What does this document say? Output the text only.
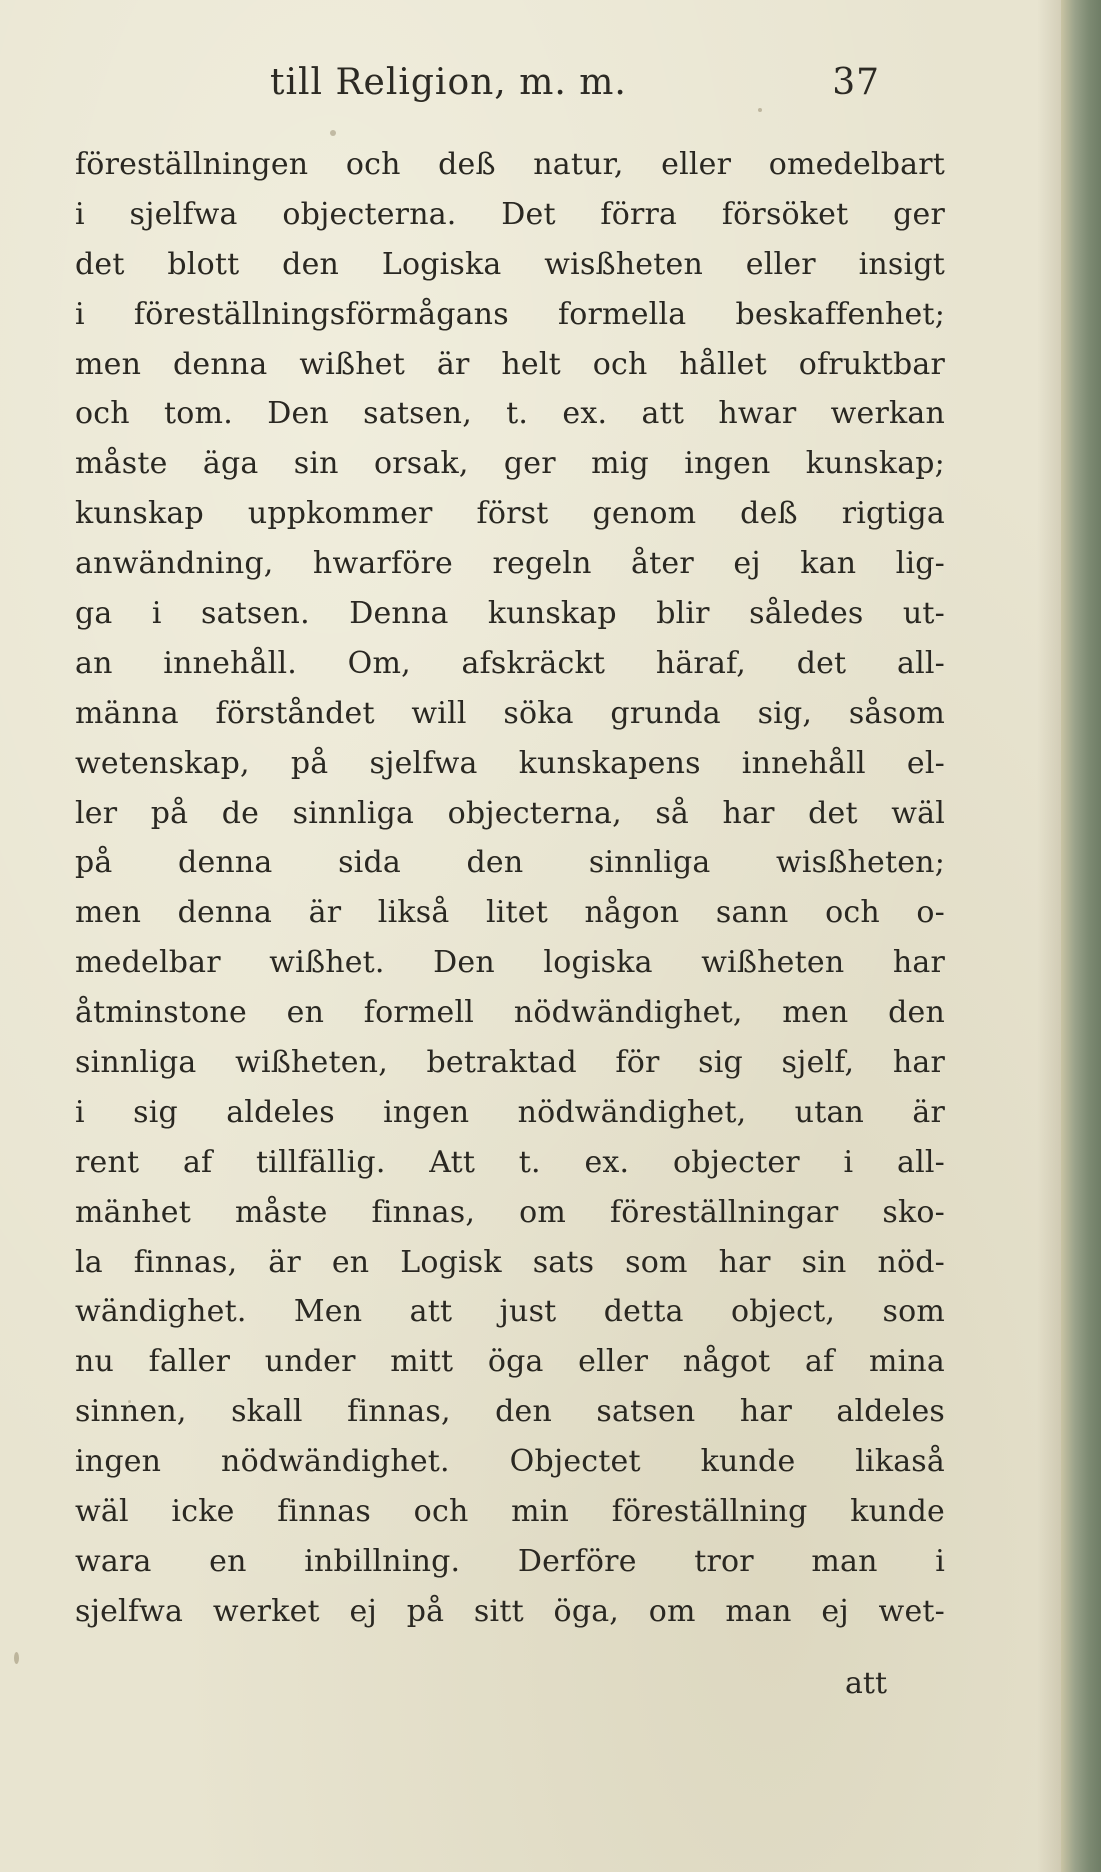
till Religion, m. m.	37
föreställningen och deß natur, eller omedelbart
i sjelfwa objecterna. Det förra försöket ger
det blott den Logiska wisßheten eller insigt
i föreställningsförmågans formella beskaffenhet;
men denna wißhet är helt och hållet ofruktbar
och tom. Den satsen, t. ex. att hwar werkan
måste äga sin orsak, ger mig ingen kunskap;
kunskap uppkommer först genom deß rigtiga
anwändning, hwarföre regeln åter ej kan lig-
ga i satsen. Denna kunskap blir således ut-
an innehåll. Om, afskräckt häraf, det all-
männa förståndet will söka grunda sig, såsom
wetenskap, på sjelfwa kunskapens innehåll el-
ler på de sinnliga objecterna, så har det wäl
på denna sida den sinnliga wisßheten;
men denna är likså litet någon sann och o-
medelbar wißhet. Den logiska wißheten har
åtminstone en formell nödwändighet, men den
sinnliga wißheten, betraktad för sig sjelf, har
i sig aldeles ingen nödwändighet, utan är
rent af tillfällig. Att t. ex. objecter i all-
mänhet måste finnas, om föreställningar sko-
la finnas, är en Logisk sats som har sin nöd-
wändighet. Men att just detta object, som
nu faller under mitt öga eller något af mina
sinnen, skall finnas, den satsen har aldeles
ingen nödwändighet. Objectet kunde likaså
wäl icke finnas och min föreställning kunde
wara en inbillning. Derföre tror man i
sjelfwa werket ej på sitt öga, om man ej wet-
att
